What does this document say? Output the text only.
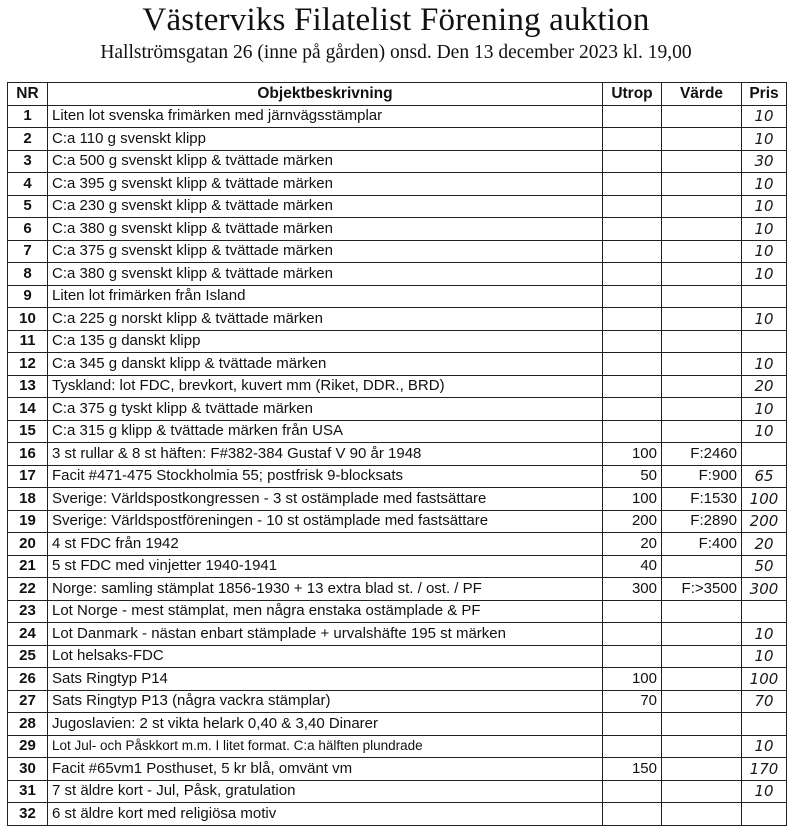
Västerviks Filatelist Förening auktion
Hallströmsgatan 26 (inne på gården) onsd. Den 13 december 2023 kl. 19,00
NR	Objektbeskrivning	Utrop	Värde	Pris
1	Liten lot svenska frimärken med järnvägsstämplar			10
2	C:a 110 g svenskt klipp			10
3	C:a 500 g svenskt klipp & tvättade märken			30
4	C:a 395 g svenskt klipp & tvättade märken			10
5	C:a 230 g svenskt klipp & tvättade märken			10
6	C:a 380 g svenskt klipp & tvättade märken			10
7	C:a 375 g svenskt klipp & tvättade märken			10
8	C:a 380 g svenskt klipp & tvättade märken			10
9	Liten lot frimärken från Island			
10	C:a 225 g norskt klipp & tvättade märken			10
11	C:a 135 g danskt klipp			
12	C:a 345 g danskt klipp & tvättade märken			10
13	Tyskland: lot FDC, brevkort, kuvert mm (Riket, DDR., BRD)			20
14	C:a 375 g tyskt klipp & tvättade märken			10
15	C:a 315 g klipp & tvättade märken från USA			10
16	3 st rullar & 8 st häften: F#382-384 Gustaf V 90 år 1948	100	F:2460	
17	Facit #471-475 Stockholmia 55; postfrisk 9-blocksats	50	F:900	65
18	Sverige: Världspostkongressen - 3 st ostämplade med fastsättare	100	F:1530	100
19	Sverige: Världspostföreningen - 10 st ostämplade med fastsättare	200	F:2890	200
20	4 st FDC från 1942	20	F:400	20
21	5 st FDC med vinjetter 1940-1941	40		50
22	Norge: samling stämplat 1856-1930 + 13 extra blad st. / ost. / PF	300	F:>3500	300
23	Lot Norge - mest stämplat, men några enstaka ostämplade & PF			
24	Lot Danmark - nästan enbart stämplade + urvalshäfte 195 st märken			10
25	Lot helsaks-FDC			10
26	Sats Ringtyp P14	100		100
27	Sats Ringtyp P13 (några vackra stämplar)	70		70
28	Jugoslavien: 2 st vikta helark 0,40 & 3,40 Dinarer			
29	Lot Jul- och Påskkort m.m. I litet format. C:a hälften plundrade			10
30	Facit #65vm1 Posthuset, 5 kr blå, omvänt vm	150		170
31	7 st äldre kort - Jul, Påsk, gratulation			10
32	6 st äldre kort med religiösa motiv			
